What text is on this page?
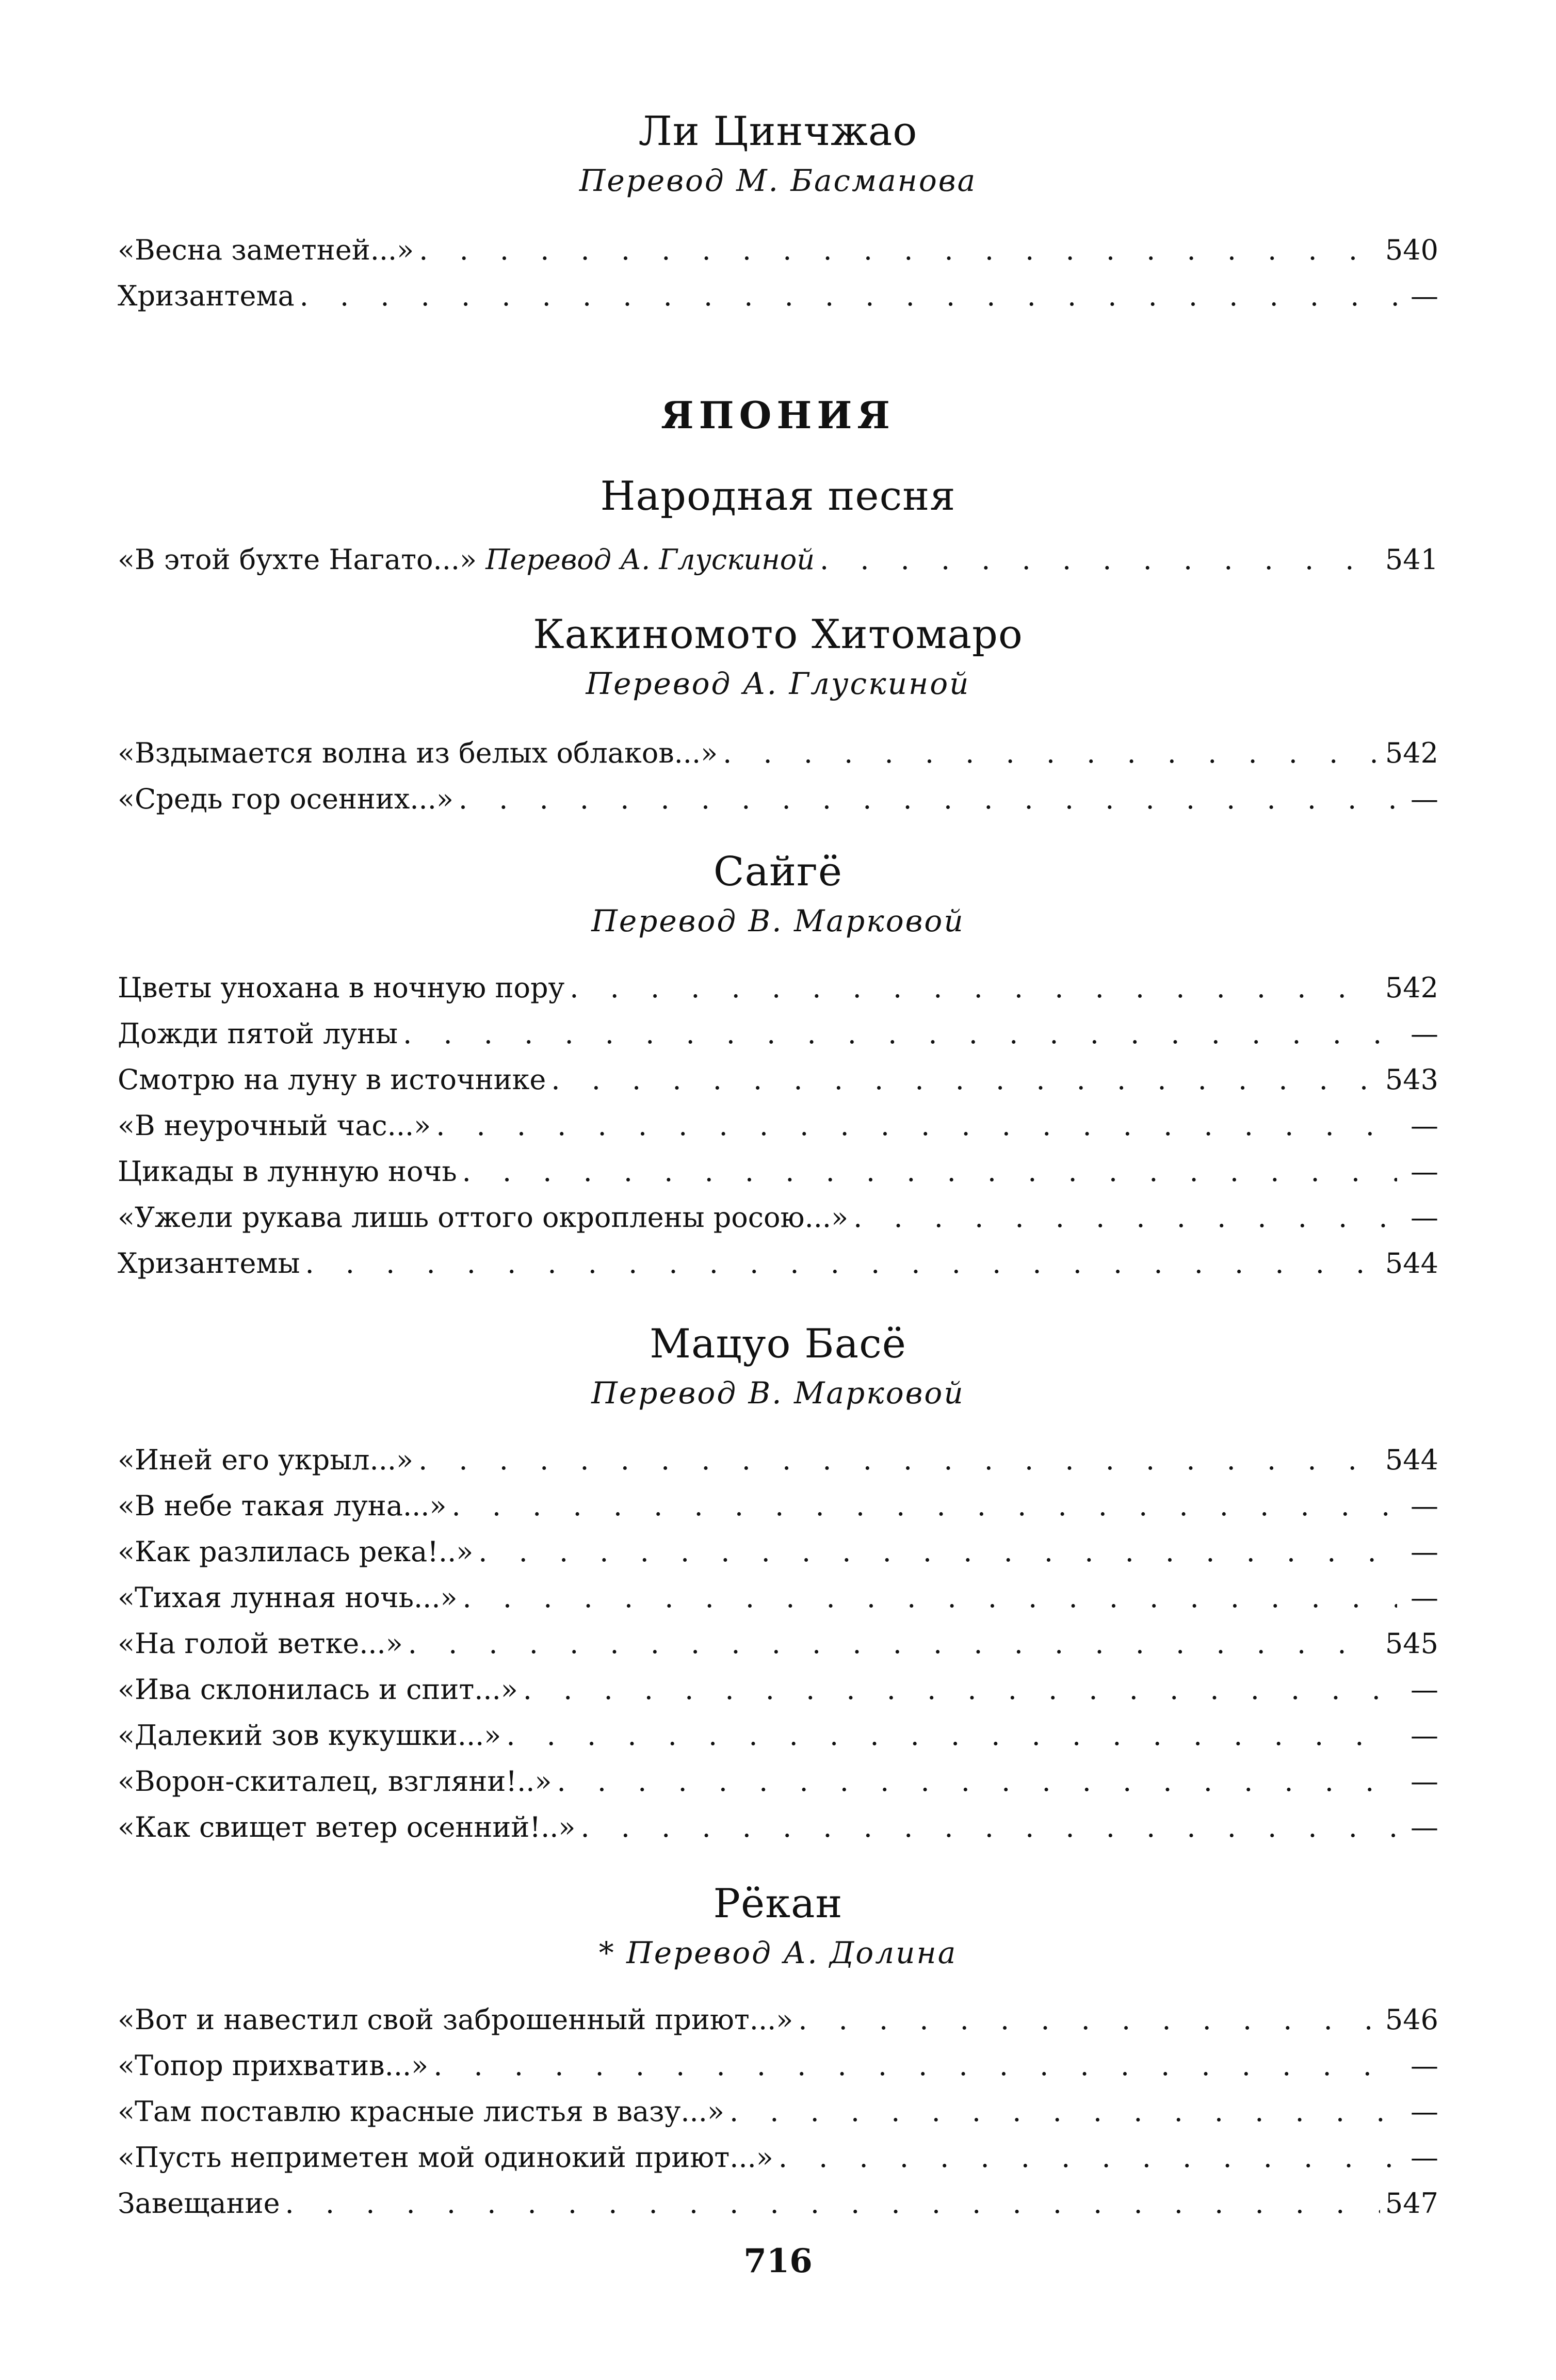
Ли Цинчжао

Перевод М. Басманова

«Весна заметней...» . . .	540
Хризантема . . .	—
ЯПОНИЯ
Народная песня
«В этой бухте Нагато...» Перевод А. Глускиной . . .	541
Какиномото Хитомаро

Перевод А. Глускиной

«Вздымается волна из белых облаков...» . . .	542
«Средь гор осенних...» . . .	—
Сайгё

Перевод В. Марковой

Цветы унохана в ночную пору . . .	542
Дожди пятой луны . . .	—
Смотрю на луну в источнике . . .	543
«В неурочный час...» . . .	—
Цикады в лунную ночь . . .	—
«Ужели рукава лишь оттого окроплены росою...» . . .	—
Хризантемы . . .	544
Мацуо Басё

Перевод В. Марковой

«Иней его укрыл...» . . .	544
«В небе такая луна...» . . .	—
«Как разлилась река!..» . . .	—
«Тихая лунная ночь...» . . .	—
«На голой ветке...» . . .	545
«Ива склонилась и спит...» . . .	—
«Далекий зов кукушки...» . . .	—
«Ворон-скиталец, взгляни!..» . . .	—
«Как свищет ветер осенний!..» . . .	—
Рёкан

* Перевод А. Долина

«Вот и навестил свой заброшенный приют...» . . .	546
«Топор прихватив...» . . .	—
«Там поставлю красные листья в вазу...» . . .	—
«Пусть неприметен мой одинокий приют...» . . .	—
Завещание . . .	547
716
